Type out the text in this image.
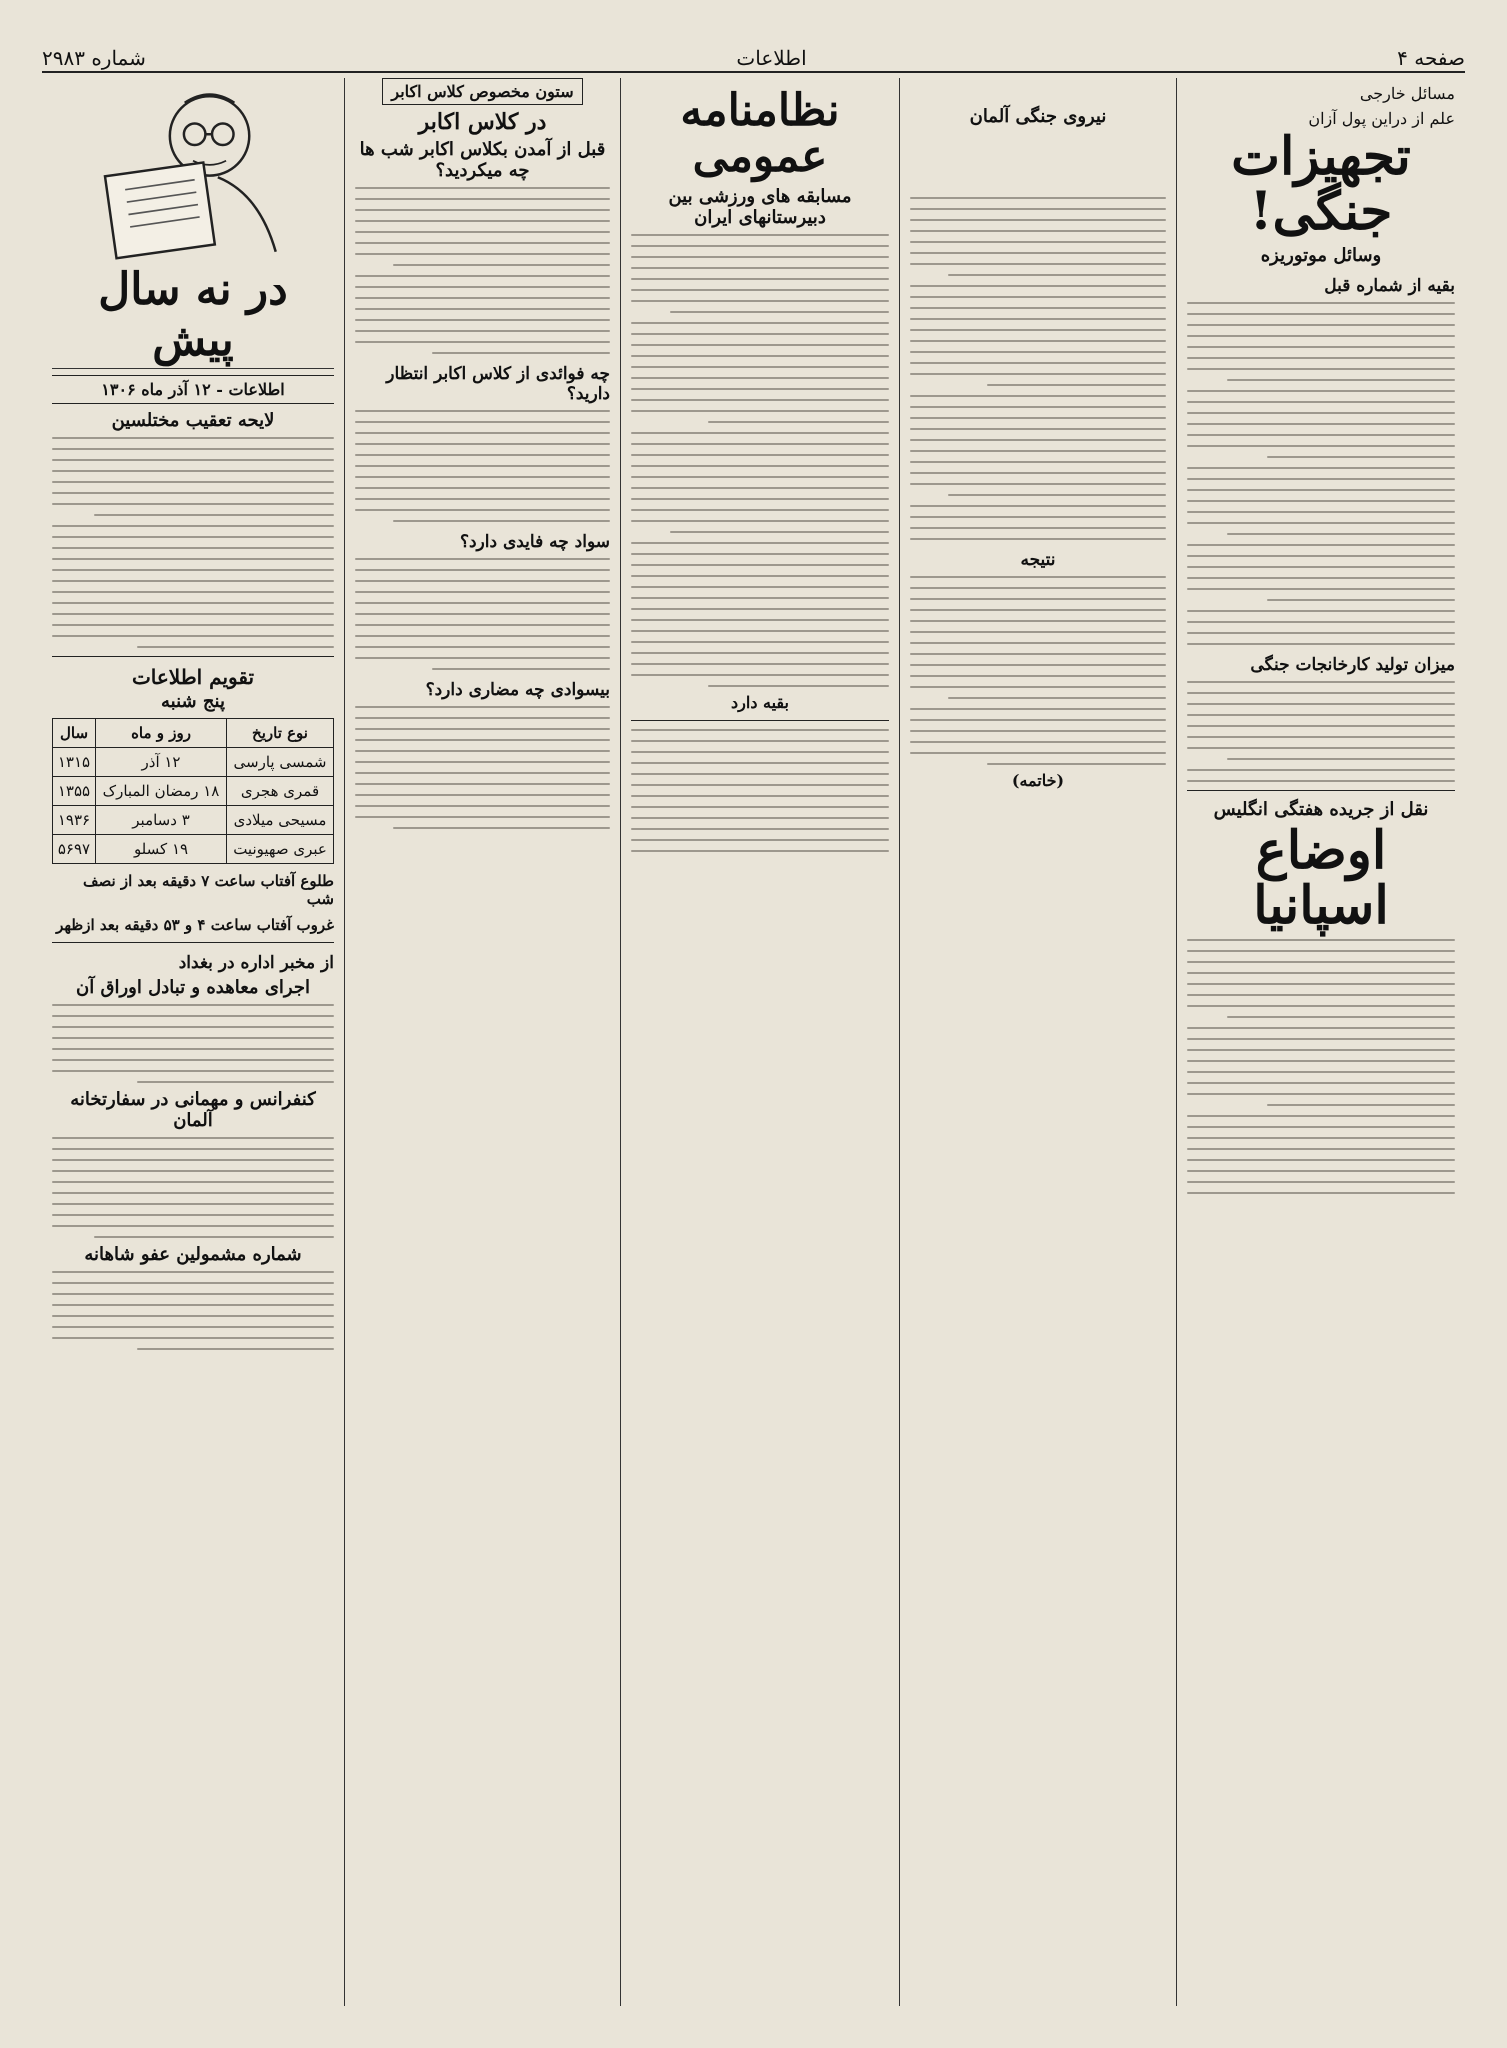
صفحه ۴
اطلاعات
شماره ۲۹۸۳
مسائل خارجی
علم از دراین پول آزان
تجهیزات جنگی!
وسائل موتوریزه
بقیه از شماره قبل
میزان تولید کارخانجات جنگی
نقل از جریده هفتگی انگلیس
اوضاع اسپانیا
نیروی جنگی آلمان
نتیجه
(خاتمه)
نظامنامه عمومی
مسابقه های ورزشی بین دبیرستانهای ایران
بقیه دارد
ستون مخصوص کلاس اکابر
در کلاس اکابر
قبل از آمدن بکلاس اکابر شب ها چه میکردید؟
چه فوائدی از کلاس اکابر انتظار دارید؟
سواد چه فایدی دارد؟
بیسوادی چه مضاری دارد؟
در نه سال پیش
اطلاعات - ۱۲ آذر ماه ۱۳۰۶
لایحه تعقیب مختلسین
تقویم اطلاعات
پنج شنبه
نوع تاریخ	روز و ماه	سال
شمسی پارسی	۱۲ آذر	۱۳۱۵
قمری هجری	۱۸ رمضان المبارک	۱۳۵۵
مسیحی میلادی	۳ دسامبر	۱۹۳۶
عبری صهیونیت	۱۹ کسلو	۵۶۹۷
طلوع آفتاب ساعت ۷ دقیقه بعد از نصف شب
غروب آفتاب ساعت ۴ و ۵۳ دقیقه بعد ازظهر
از مخبر اداره در بغداد
اجرای معاهده و تبادل اوراق آن
کنفرانس و مهمانی در سفارتخانه آلمان
شماره مشمولین عفو شاهانه
